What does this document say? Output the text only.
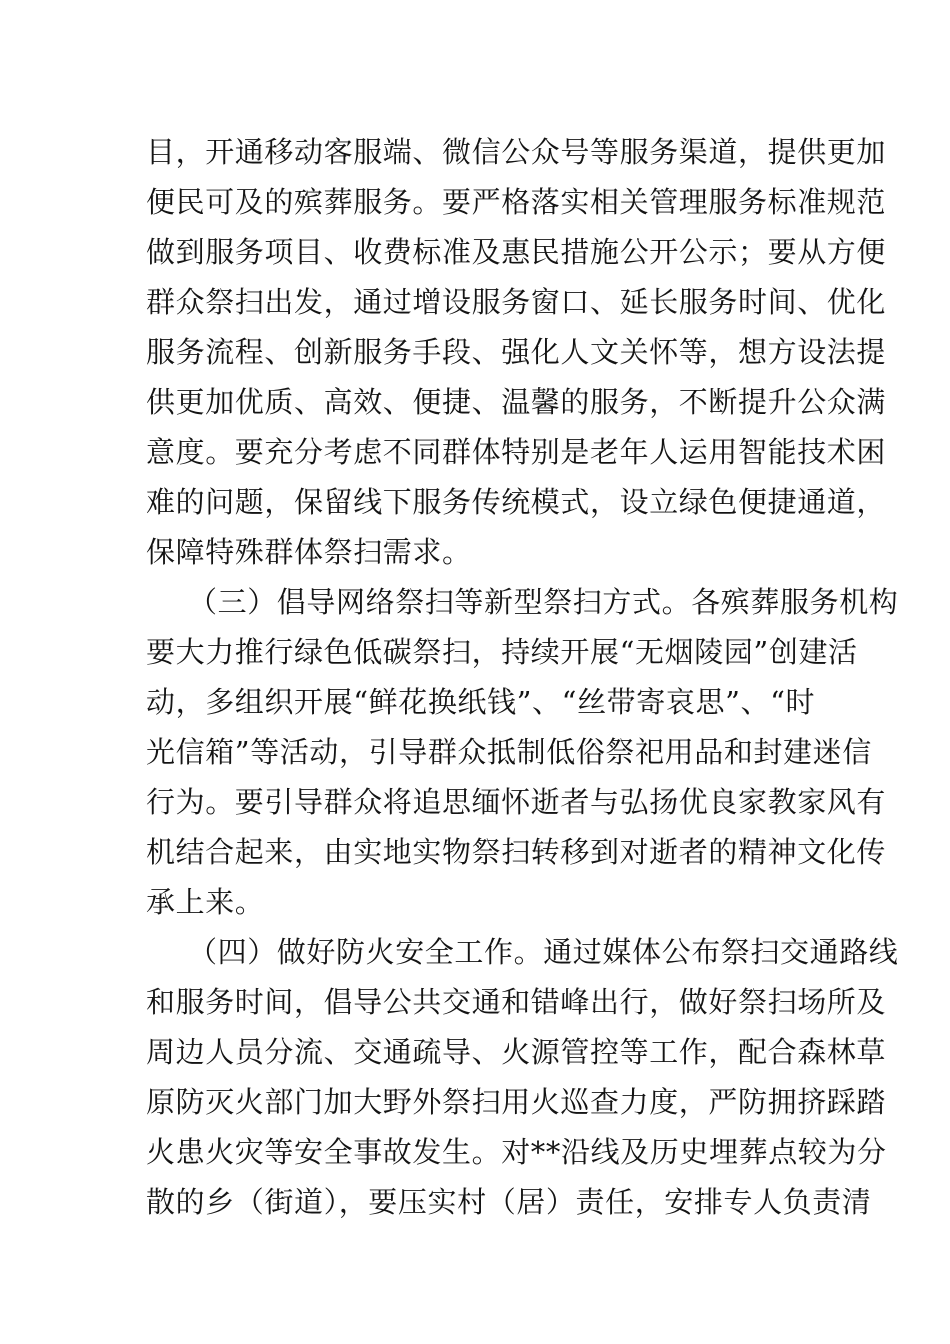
目，开通移动客服端、微信公众号等服务渠道，提供更加
便民可及的殡葬服务。要严格落实相关管理服务标准规范
做到服务项目、收费标准及惠民措施公开公示；要从方便
群众祭扫出发，通过增设服务窗口、延长服务时间、优化
服务流程、创新服务手段、强化人文关怀等，想方设法提
供更加优质、高效、便捷、温馨的服务，不断提升公众满
意度。要充分考虑不同群体特别是老年人运用智能技术困
难的问题，保留线下服务传统模式，设立绿色便捷通道，
保障特殊群体祭扫需求。
（三）倡导网络祭扫等新型祭扫方式。各殡葬服务机构
要大力推行绿色低碳祭扫，持续开展“无烟陵园”创建活
动，多组织开展“鲜花换纸钱”、“丝带寄哀思”、“时
光信箱”等活动，引导群众抵制低俗祭祀用品和封建迷信
行为。要引导群众将追思缅怀逝者与弘扬优良家教家风有
机结合起来，由实地实物祭扫转移到对逝者的精神文化传
承上来。
（四）做好防火安全工作。通过媒体公布祭扫交通路线
和服务时间，倡导公共交通和错峰出行，做好祭扫场所及
周边人员分流、交通疏导、火源管控等工作，配合森林草
原防灭火部门加大野外祭扫用火巡查力度，严防拥挤踩踏
火患火灾等安全事故发生。对**沿线及历史埋葬点较为分
散的乡（街道），要压实村（居）责任，安排专人负责清
